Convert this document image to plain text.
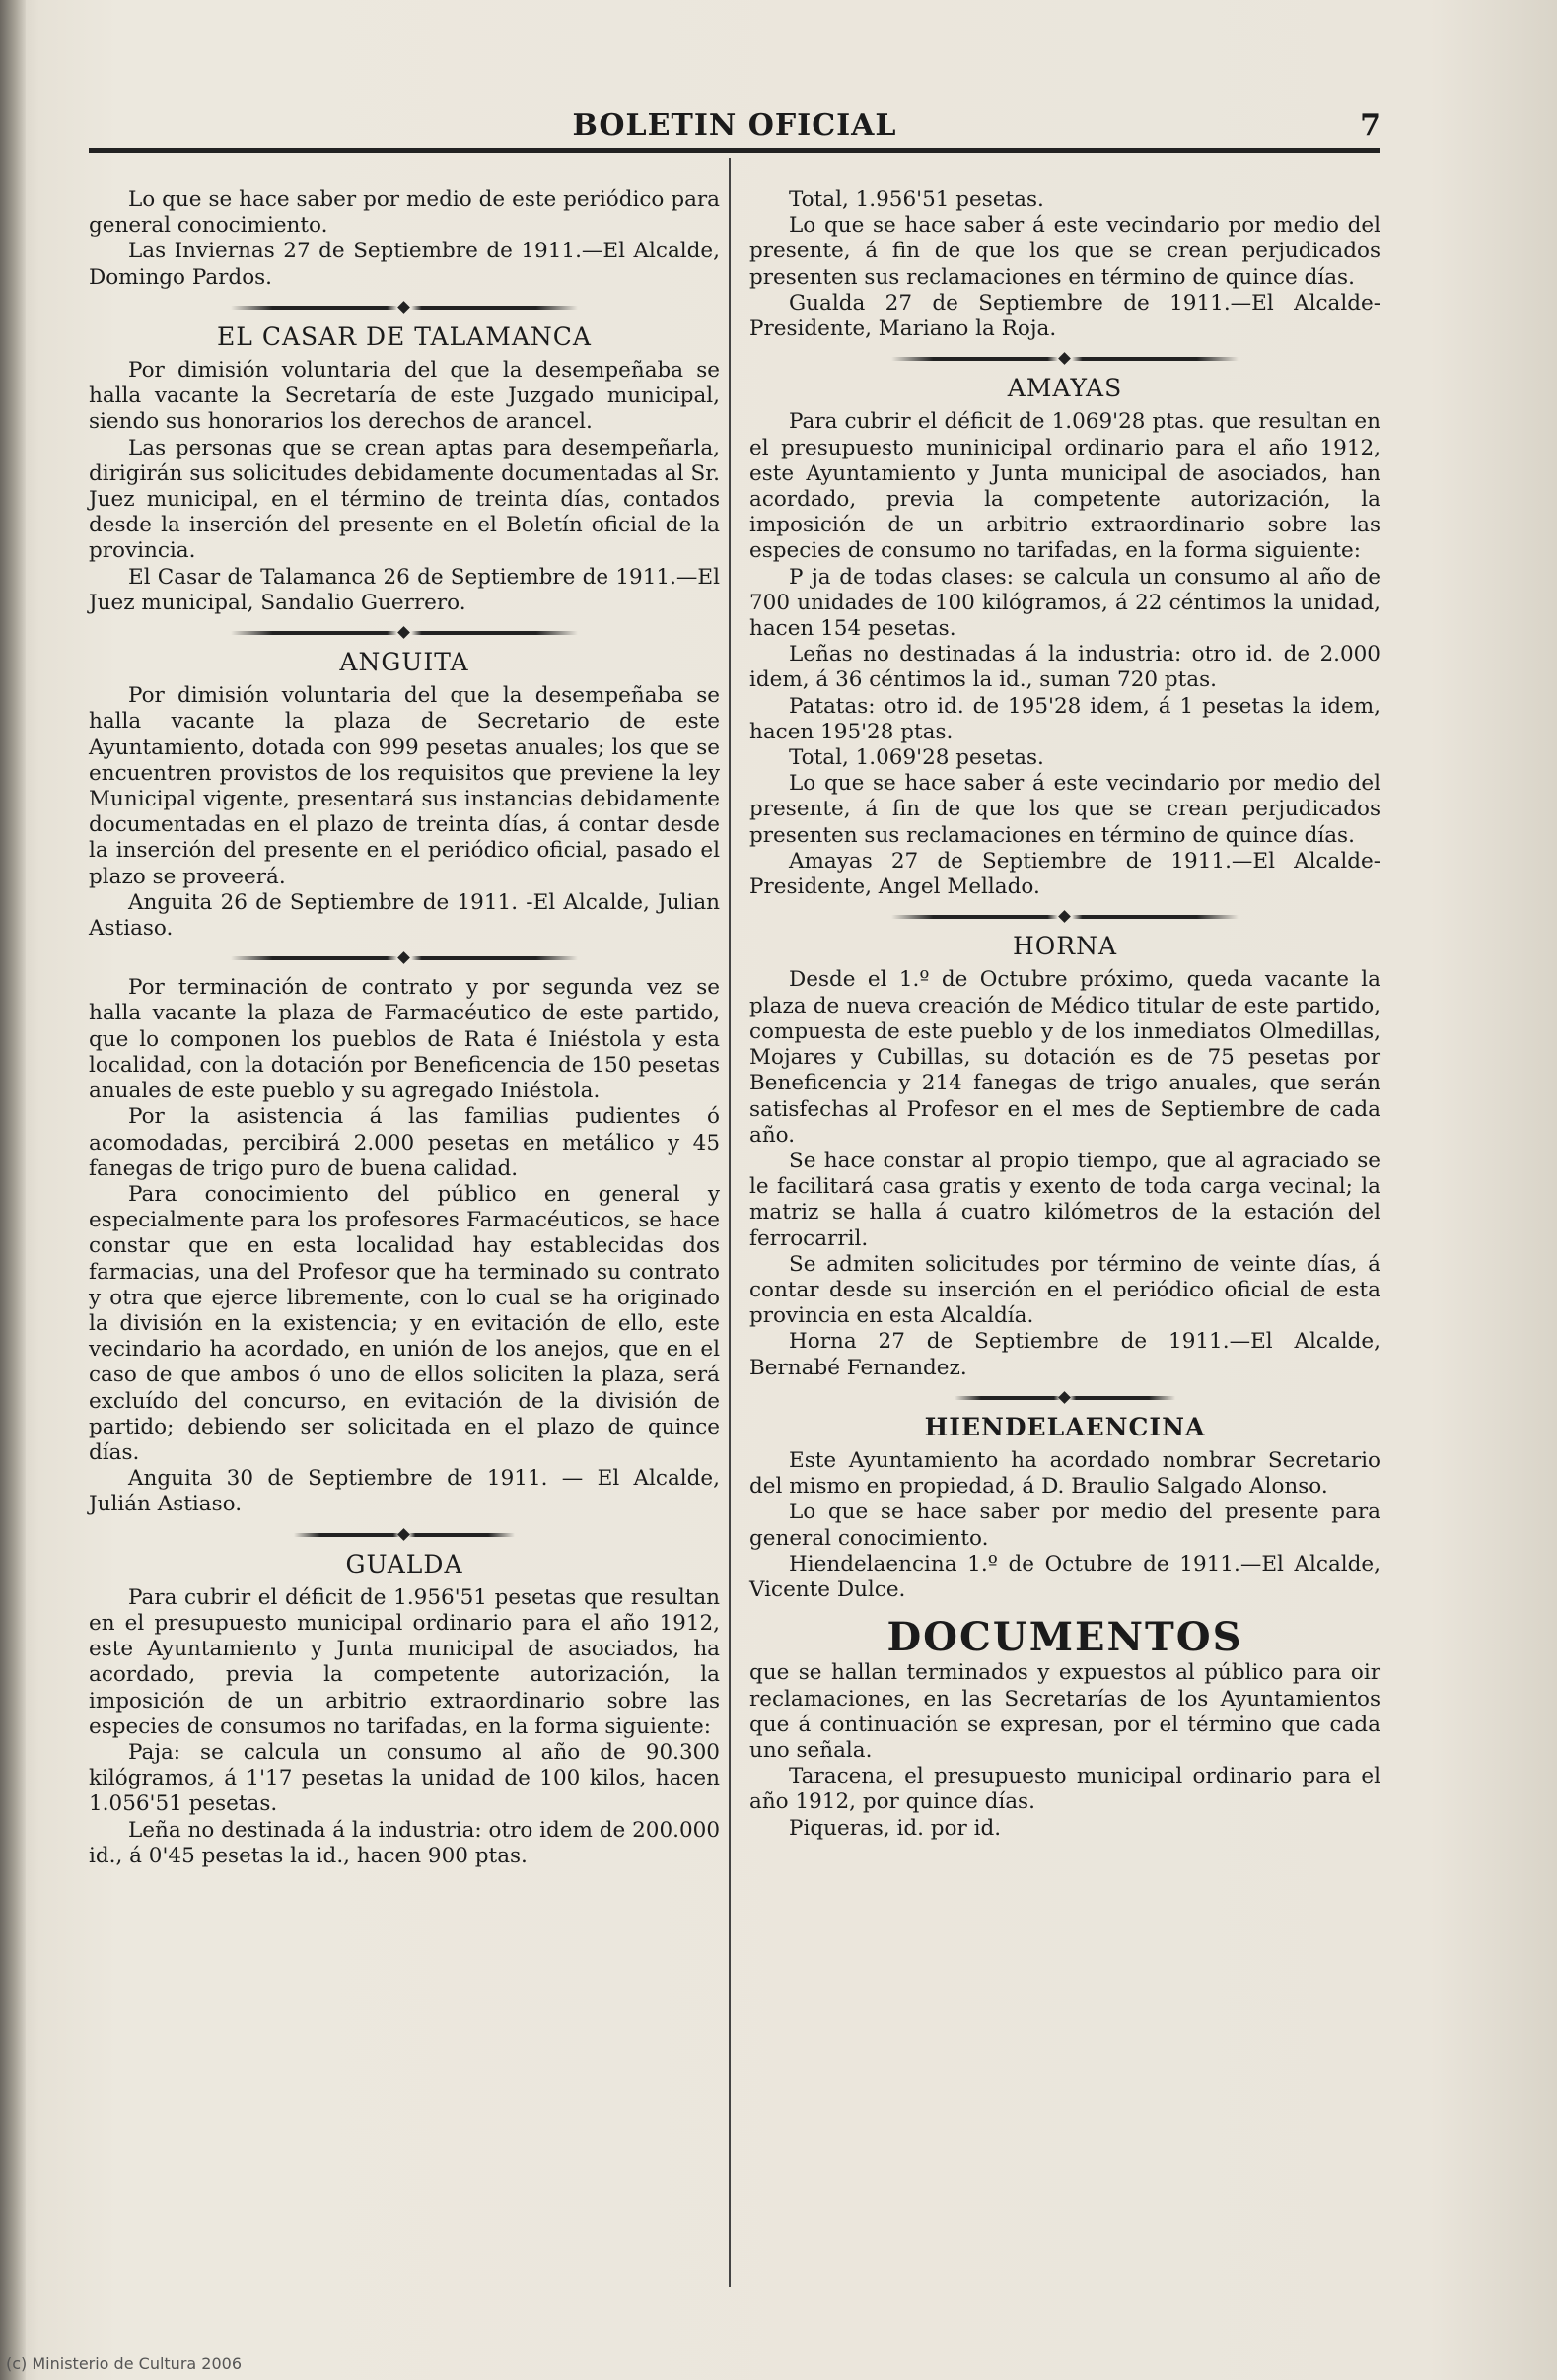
BOLETIN OFICIAL	7

Lo que se hace saber por medio de este periódico para general conocimiento.

Las Inviernas 27 de Septiembre de 1911.—El Alcalde, Domingo Pardos.

EL CASAR DE TALAMANCA

Por dimisión voluntaria del que la desempeñaba se halla vacante la Secretaría de este Juzgado municipal, siendo sus honorarios los derechos de arancel.

Las personas que se crean aptas para desempeñarla, dirigirán sus solicitudes debidamente documentadas al Sr. Juez municipal, en el término de treinta días, contados desde la inserción del presente en el Boletín oficial de la provincia.

El Casar de Talamanca 26 de Septiembre de 1911.—El Juez municipal, Sandalio Guerrero.

ANGUITA

Por dimisión voluntaria del que la desempeñaba se halla vacante la plaza de Secretario de este Ayuntamiento, dotada con 999 pesetas anuales; los que se encuentren provistos de los requisitos que previene la ley Municipal vigente, presentará sus instancias debidamente documentadas en el plazo de treinta días, á contar desde la inserción del presente en el periódico oficial, pasado el plazo se proveerá.

Anguita 26 de Septiembre de 1911. -El Alcalde, Julian Astiaso.

Por terminación de contrato y por segunda vez se halla vacante la plaza de Farmacéutico de este partido, que lo componen los pueblos de Rata é Iniéstola y esta localidad, con la dotación por Beneficencia de 150 pesetas anuales de este pueblo y su agregado Iniéstola.

Por la asistencia á las familias pudientes ó acomodadas, percibirá 2.000 pesetas en metálico y 45 fanegas de trigo puro de buena calidad.

Para conocimiento del público en general y especialmente para los profesores Farmacéuticos, se hace constar que en esta localidad hay establecidas dos farmacias, una del Profesor que ha terminado su contrato y otra que ejerce libremente, con lo cual se ha originado la división en la existencia; y en evitación de ello, este vecindario ha acordado, en unión de los anejos, que en el caso de que ambos ó uno de ellos soliciten la plaza, será excluído del concurso, en evitación de la división de partido; debiendo ser solicitada en el plazo de quince días.

Anguita 30 de Septiembre de 1911. — El Alcalde, Julián Astiaso.

GUALDA

Para cubrir el déficit de 1.956'51 pesetas que resultan en el presupuesto municipal ordinario para el año 1912, este Ayuntamiento y Junta municipal de asociados, ha acordado, previa la competente autorización, la imposición de un arbitrio extraordinario sobre las especies de consumos no tarifadas, en la forma siguiente:

Paja: se calcula un consumo al año de 90.300 kilógramos, á 1'17 pesetas la unidad de 100 kilos, hacen 1.056'51 pesetas.

Leña no destinada á la industria: otro idem de 200.000 id., á 0'45 pesetas la id., hacen 900 ptas.

Total, 1.956'51 pesetas.

Lo que se hace saber á este vecindario por medio del presente, á fin de que los que se crean perjudicados presenten sus reclamaciones en término de quince días.

Gualda 27 de Septiembre de 1911.—El Alcalde-Presidente, Mariano la Roja.

AMAYAS

Para cubrir el déficit de 1.069'28 ptas. que resultan en el presupuesto muninicipal ordinario para el año 1912, este Ayuntamiento y Junta municipal de asociados, han acordado, previa la competente autorización, la imposición de un arbitrio extraordinario sobre las especies de consumo no tarifadas, en la forma siguiente:

P ja de todas clases: se calcula un consumo al año de 700 unidades de 100 kilógramos, á 22 céntimos la unidad, hacen 154 pesetas.

Leñas no destinadas á la industria: otro id. de 2.000 idem, á 36 céntimos la id., suman 720 ptas.

Patatas: otro id. de 195'28 idem, á 1 pesetas la idem, hacen 195'28 ptas.

Total, 1.069'28 pesetas.

Lo que se hace saber á este vecindario por medio del presente, á fin de que los que se crean perjudicados presenten sus reclamaciones en término de quince días.

Amayas 27 de Septiembre de 1911.—El Alcalde-Presidente, Angel Mellado.

HORNA

Desde el 1.º de Octubre próximo, queda vacante la plaza de nueva creación de Médico titular de este partido, compuesta de este pueblo y de los inmediatos Olmedillas, Mojares y Cubillas, su dotación es de 75 pesetas por Beneficencia y 214 fanegas de trigo anuales, que serán satisfechas al Profesor en el mes de Septiembre de cada año.

Se hace constar al propio tiempo, que al agraciado se le facilitará casa gratis y exento de toda carga vecinal; la matriz se halla á cuatro kilómetros de la estación del ferrocarril.

Se admiten solicitudes por término de veinte días, á contar desde su inserción en el periódico oficial de esta provincia en esta Alcaldía.

Horna 27 de Septiembre de 1911.—El Alcalde, Bernabé Fernandez.

HIENDELAENCINA

Este Ayuntamiento ha acordado nombrar Secretario del mismo en propiedad, á D. Braulio Salgado Alonso.

Lo que se hace saber por medio del presente para general conocimiento.

Hiendelaencina 1.º de Octubre de 1911.—El Alcalde, Vicente Dulce.

DOCUMENTOS

que se hallan terminados y expuestos al público para oir reclamaciones, en las Secretarías de los Ayuntamientos que á continuación se expresan, por el término que cada uno señala.

Taracena, el presupuesto municipal ordinario para el año 1912, por quince días.

Piqueras, id. por id.

(c) Ministerio de Cultura 2006
